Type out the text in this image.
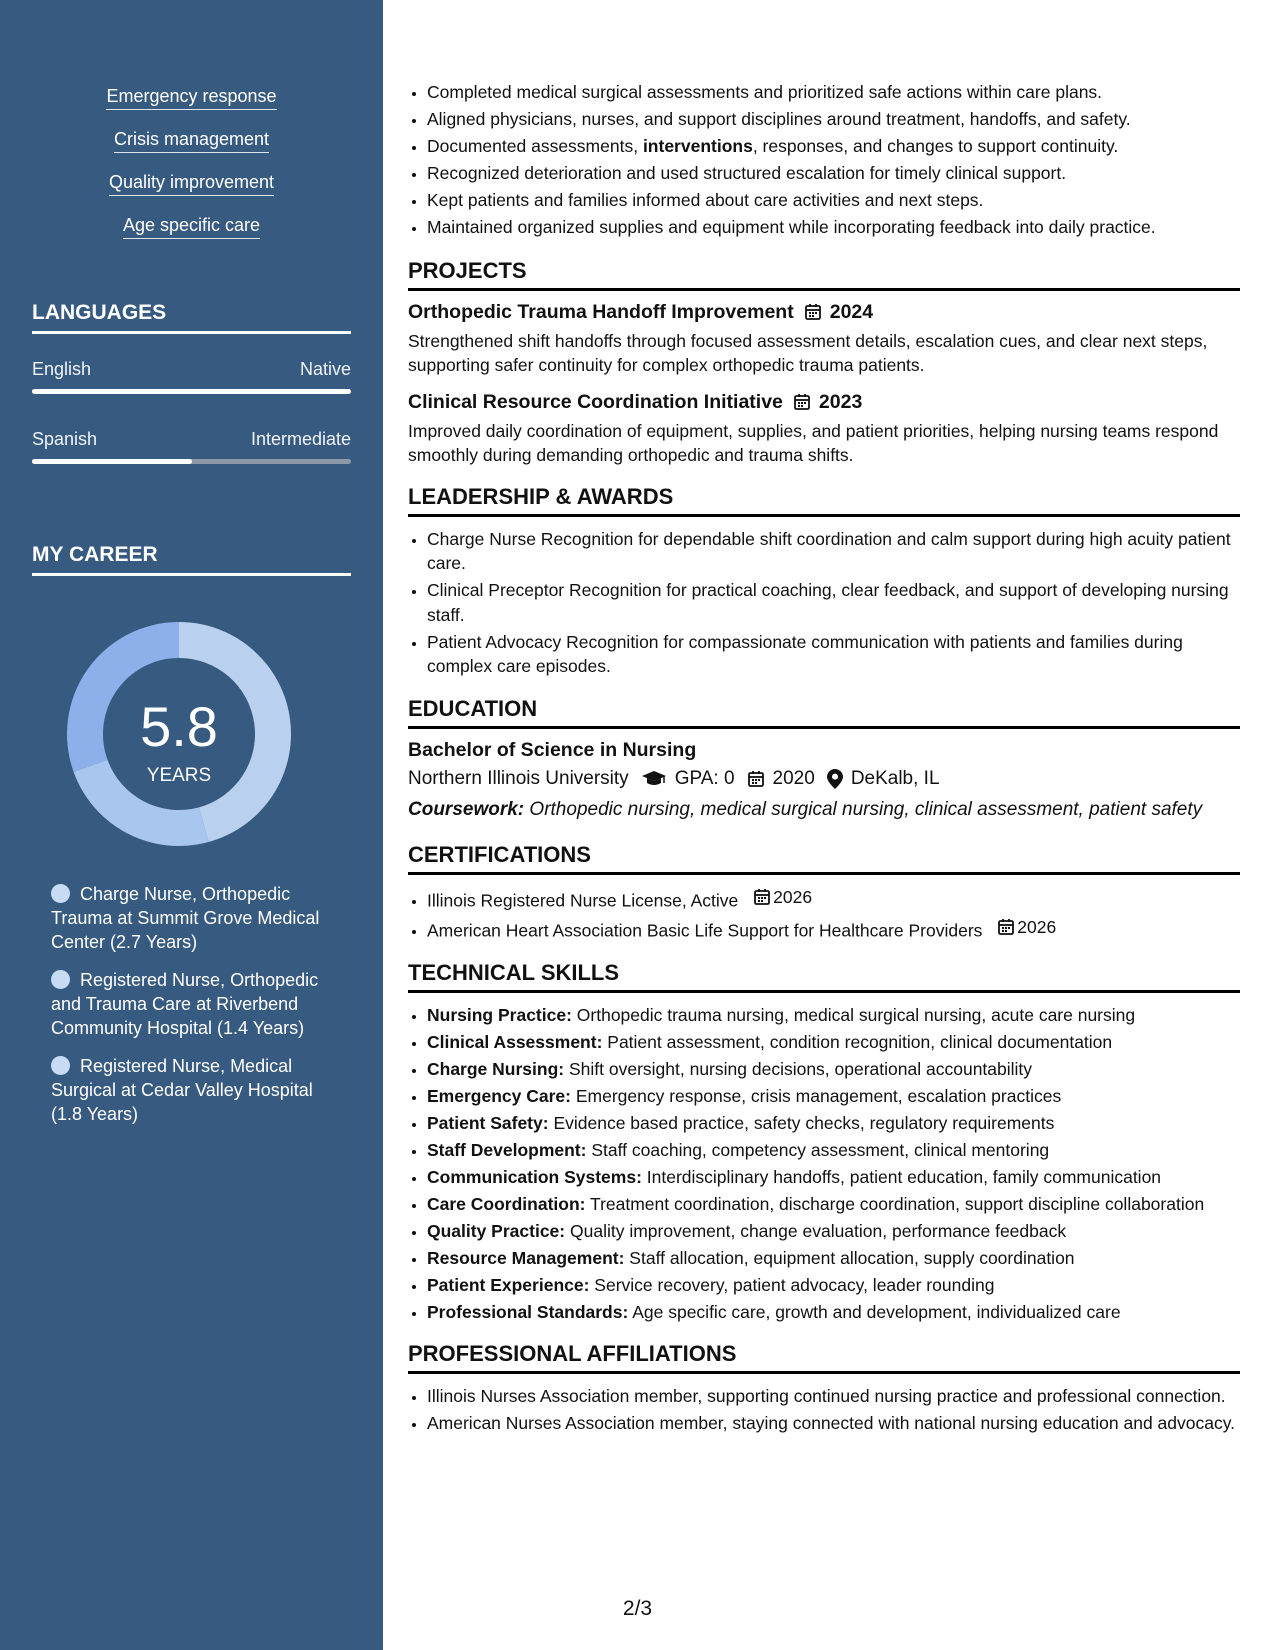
Emergency response
Crisis management
Quality improvement
Age specific care
LANGUAGES
English	Native
Spanish	Intermediate
MY CAREER
5.8
YEARS
Charge Nurse, Orthopedic Trauma at Summit Grove Medical Center (2.7 Years)
Registered Nurse, Orthopedic and Trauma Care at Riverbend Community Hospital (1.4 Years)
Registered Nurse, Medical Surgical at Cedar Valley Hospital (1.8 Years)
• Completed medical surgical assessments and prioritized safe actions within care plans.
• Aligned physicians, nurses, and support disciplines around treatment, handoffs, and safety.
• Documented assessments, interventions, responses, and changes to support continuity.
• Recognized deterioration and used structured escalation for timely clinical support.
• Kept patients and families informed about care activities and next steps.
• Maintained organized supplies and equipment while incorporating feedback into daily practice.
PROJECTS
Orthopedic Trauma Handoff Improvement 2024
Strengthened shift handoffs through focused assessment details, escalation cues, and clear next steps, supporting safer continuity for complex orthopedic trauma patients.
Clinical Resource Coordination Initiative 2023
Improved daily coordination of equipment, supplies, and patient priorities, helping nursing teams respond smoothly during demanding orthopedic and trauma shifts.
LEADERSHIP & AWARDS
• Charge Nurse Recognition for dependable shift coordination and calm support during high acuity patient care.
• Clinical Preceptor Recognition for practical coaching, clear feedback, and support of developing nursing staff.
• Patient Advocacy Recognition for compassionate communication with patients and families during complex care episodes.
EDUCATION
Bachelor of Science in Nursing
Northern Illinois University GPA: 0 2020 DeKalb, IL
Coursework: Orthopedic nursing, medical surgical nursing, clinical assessment, patient safety
CERTIFICATIONS
• Illinois Registered Nurse License, Active 2026
• American Heart Association Basic Life Support for Healthcare Providers 2026
TECHNICAL SKILLS
• Nursing Practice: Orthopedic trauma nursing, medical surgical nursing, acute care nursing
• Clinical Assessment: Patient assessment, condition recognition, clinical documentation
• Charge Nursing: Shift oversight, nursing decisions, operational accountability
• Emergency Care: Emergency response, crisis management, escalation practices
• Patient Safety: Evidence based practice, safety checks, regulatory requirements
• Staff Development: Staff coaching, competency assessment, clinical mentoring
• Communication Systems: Interdisciplinary handoffs, patient education, family communication
• Care Coordination: Treatment coordination, discharge coordination, support discipline collaboration
• Quality Practice: Quality improvement, change evaluation, performance feedback
• Resource Management: Staff allocation, equipment allocation, supply coordination
• Patient Experience: Service recovery, patient advocacy, leader rounding
• Professional Standards: Age specific care, growth and development, individualized care
PROFESSIONAL AFFILIATIONS
• Illinois Nurses Association member, supporting continued nursing practice and professional connection.
• American Nurses Association member, staying connected with national nursing education and advocacy.
2/3
